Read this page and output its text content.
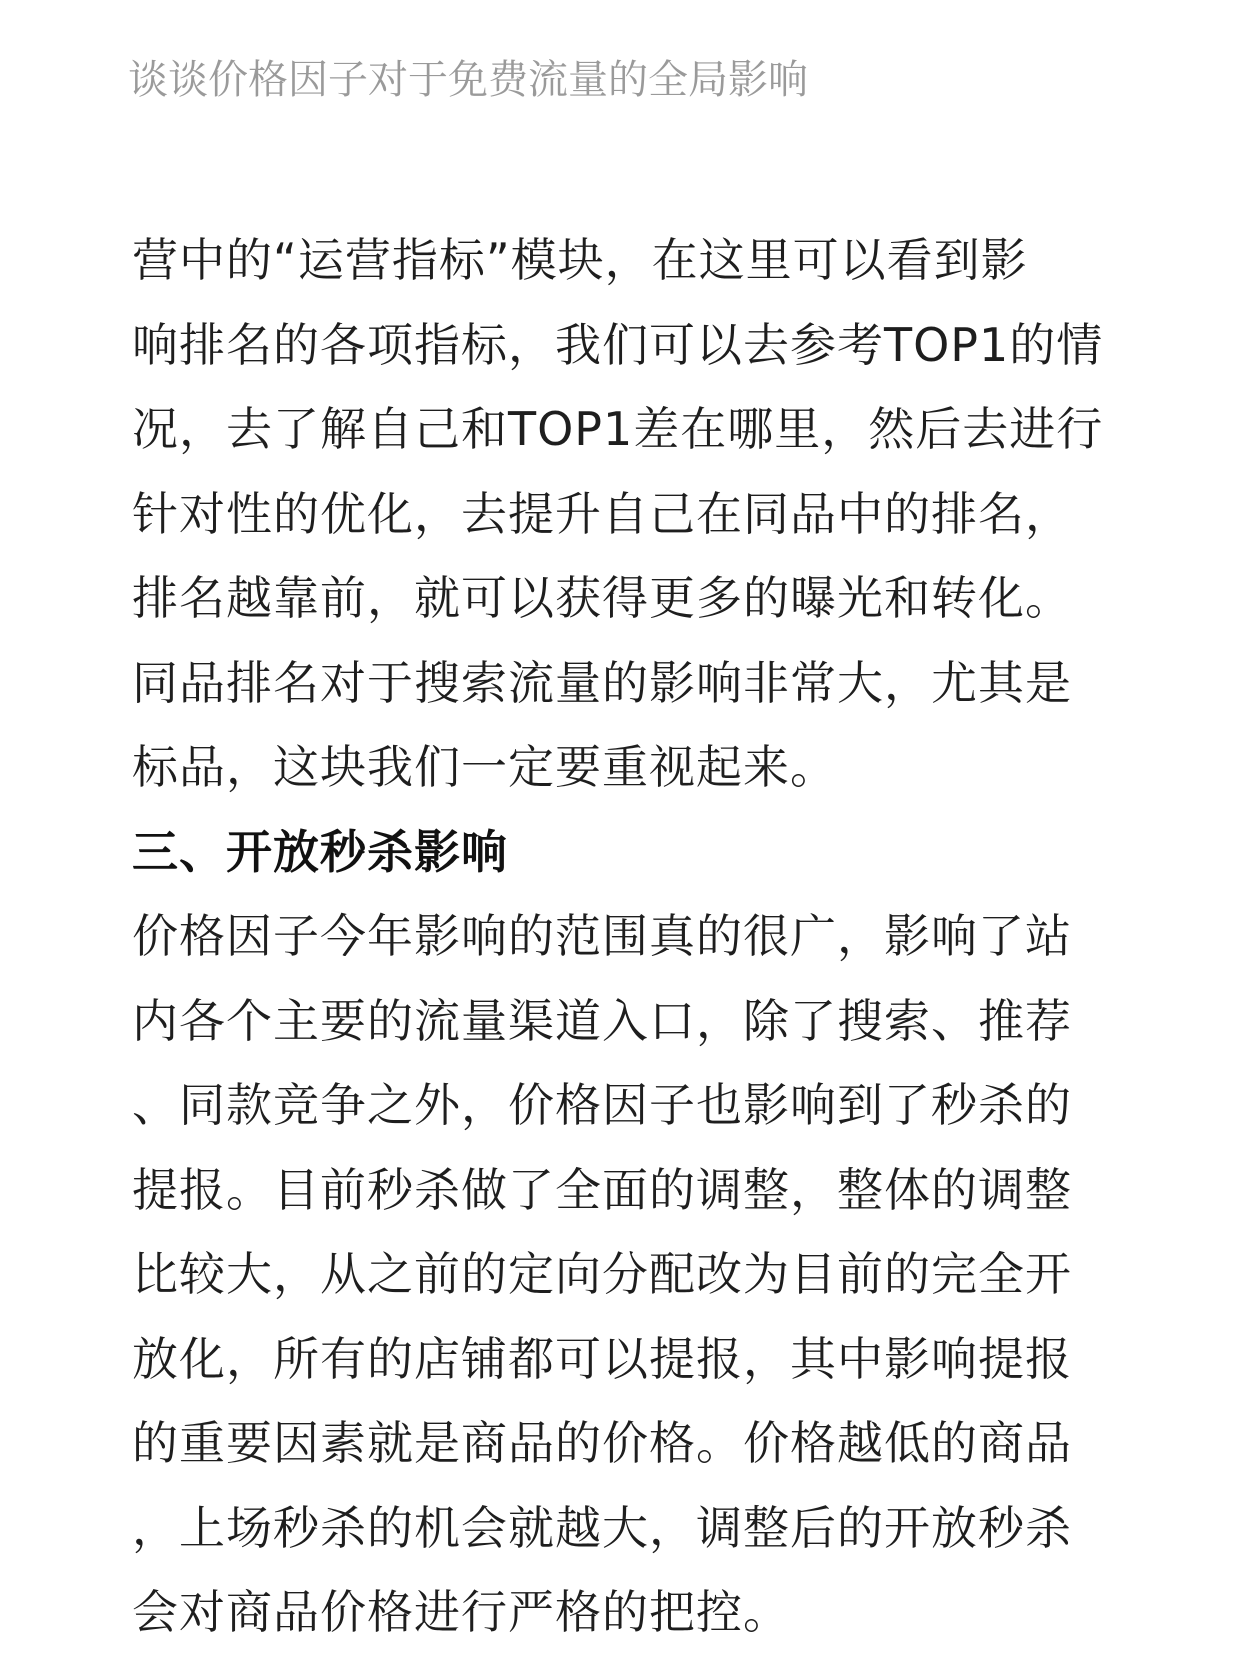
谈谈价格因子对于免费流量的全局影响
营中的“运营指标”模块，在这里可以看到影
响排名的各项指标，我们可以去参考TOP1的情
况，去了解自己和TOP1差在哪里，然后去进行
针对性的优化，去提升自己在同品中的排名，
排名越靠前，就可以获得更多的曝光和转化。
同品排名对于搜索流量的影响非常大，尤其是
标品，这块我们一定要重视起来。
三、开放秒杀影响
价格因子今年影响的范围真的很广，影响了站
内各个主要的流量渠道入口，除了搜索、推荐
、同款竞争之外，价格因子也影响到了秒杀的
提报。目前秒杀做了全面的调整，整体的调整
比较大，从之前的定向分配改为目前的完全开
放化，所有的店铺都可以提报，其中影响提报
的重要因素就是商品的价格。价格越低的商品
，上场秒杀的机会就越大，调整后的开放秒杀
会对商品价格进行严格的把控。
